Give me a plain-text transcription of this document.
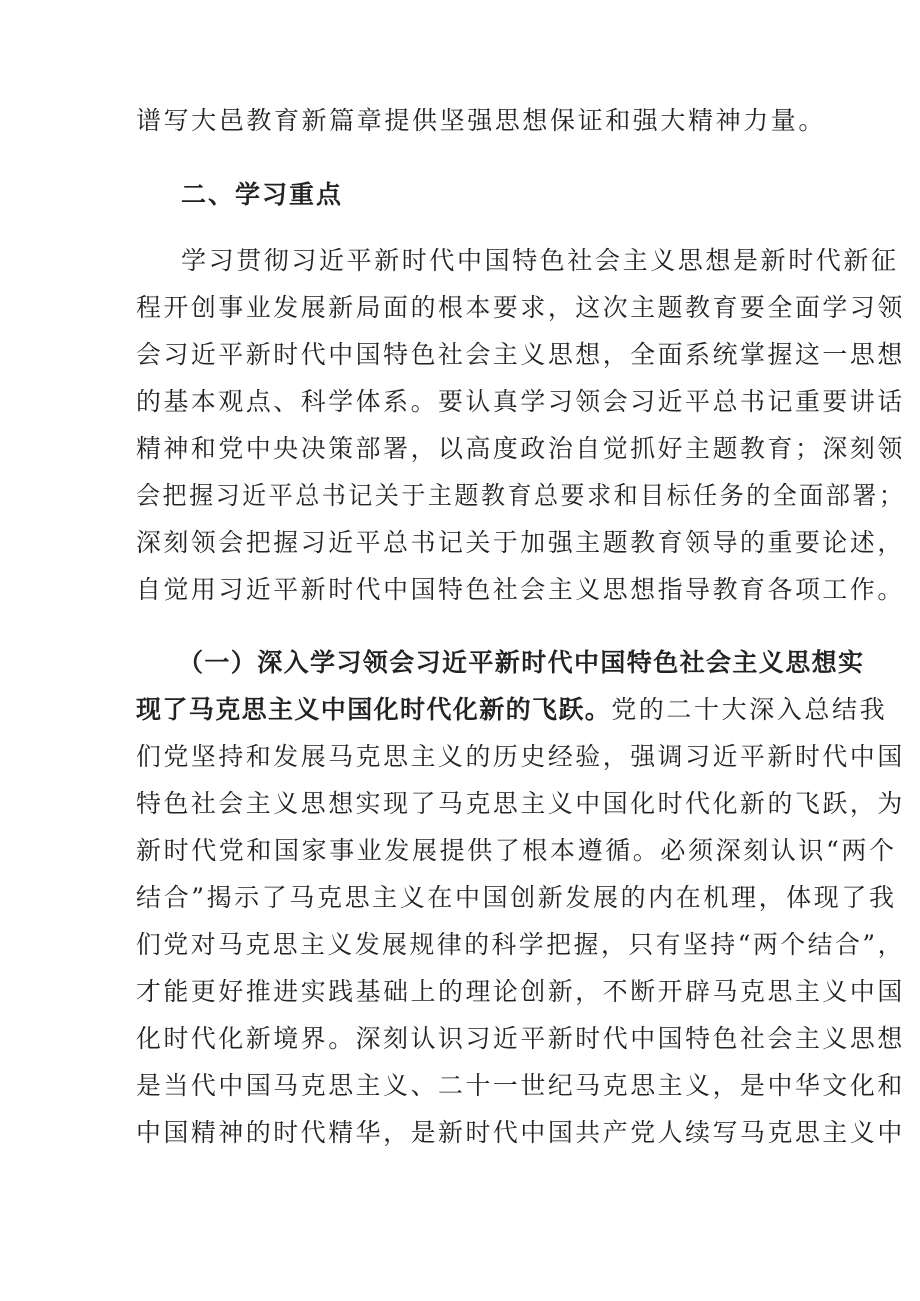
谱写大邑教育新篇章提供坚强思想保证和强大精神力量。
二、学习重点
学习贯彻习近平新时代中国特色社会主义思想是新时代新征
程开创事业发展新局面的根本要求，这次主题教育要全面学习领
会习近平新时代中国特色社会主义思想，全面系统掌握这一思想
的基本观点、科学体系。要认真学习领会习近平总书记重要讲话
精神和党中央决策部署，以高度政治自觉抓好主题教育；深刻领
会把握习近平总书记关于主题教育总要求和目标任务的全面部署；
深刻领会把握习近平总书记关于加强主题教育领导的重要论述，
自觉用习近平新时代中国特色社会主义思想指导教育各项工作。
（一）深入学习领会习近平新时代中国特色社会主义思想实
现了马克思主义中国化时代化新的飞跃。党的二十大深入总结我
们党坚持和发展马克思主义的历史经验，强调习近平新时代中国
特色社会主义思想实现了马克思主义中国化时代化新的飞跃，为
新时代党和国家事业发展提供了根本遵循。必须深刻认识“两个
结合”揭示了马克思主义在中国创新发展的内在机理，体现了我
们党对马克思主义发展规律的科学把握，只有坚持“两个结合”，
才能更好推进实践基础上的理论创新，不断开辟马克思主义中国
化时代化新境界。深刻认识习近平新时代中国特色社会主义思想
是当代中国马克思主义、二十一世纪马克思主义，是中华文化和
中国精神的时代精华，是新时代中国共产党人续写马克思主义中
